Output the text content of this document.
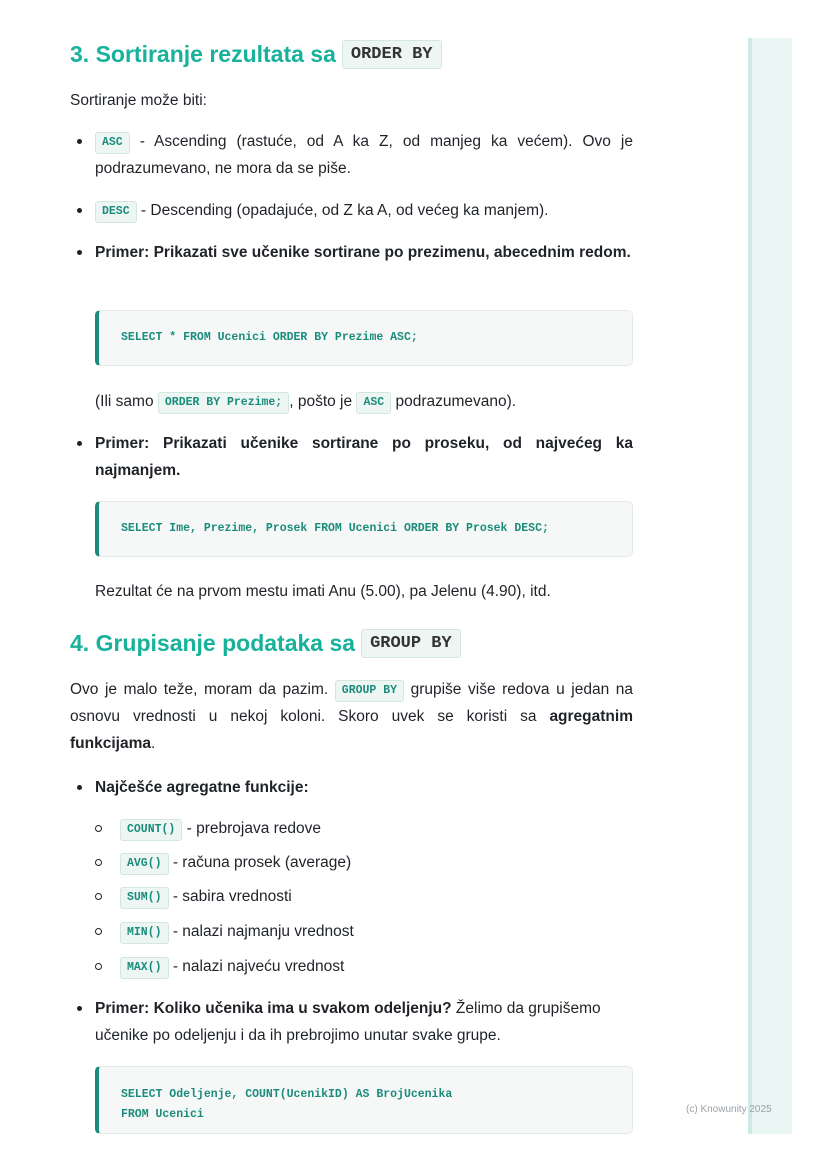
3. Sortiranje rezultata sa ORDER BY
Sortiranje može biti:
ASC - Ascending (rastuće, od A ka Z, od manjeg ka većem). Ovo je podrazumevano, ne mora da se piše.
DESC - Descending (opadajuće, od Z ka A, od većeg ka manjem).
Primer: Prikazati sve učenike sortirane po prezimenu, abecednim redom.
SELECT * FROM Ucenici ORDER BY Prezime ASC;
(Ili samo ORDER BY Prezime; , pošto je ASC podrazumevano).
Primer: Prikazati učenike sortirane po proseku, od najvećeg ka najmanjem.
SELECT Ime, Prezime, Prosek FROM Ucenici ORDER BY Prosek DESC;
Rezultat će na prvom mestu imati Anu (5.00), pa Jelenu (4.90), itd.
4. Grupisanje podataka sa GROUP BY
Ovo je malo teže, moram da pazim. GROUP BY grupiše više redova u jedan na osnovu vrednosti u nekoj koloni. Skoro uvek se koristi sa agregatnim funkcijama.
Najčešće agregatne funkcije:
COUNT() - prebrojava redove
AVG() - računa prosek (average)
SUM() - sabira vrednosti
MIN() - nalazi najmanju vrednost
MAX() - nalazi najveću vrednost
Primer: Koliko učenika ima u svakom odeljenju? Želimo da grupišemo učenike po odeljenju i da ih prebrojimo unutar svake grupe.
SELECT Odeljenje, COUNT(UcenikID) AS BrojUcenika
FROM Ucenici	(c) Knowunity 2025
